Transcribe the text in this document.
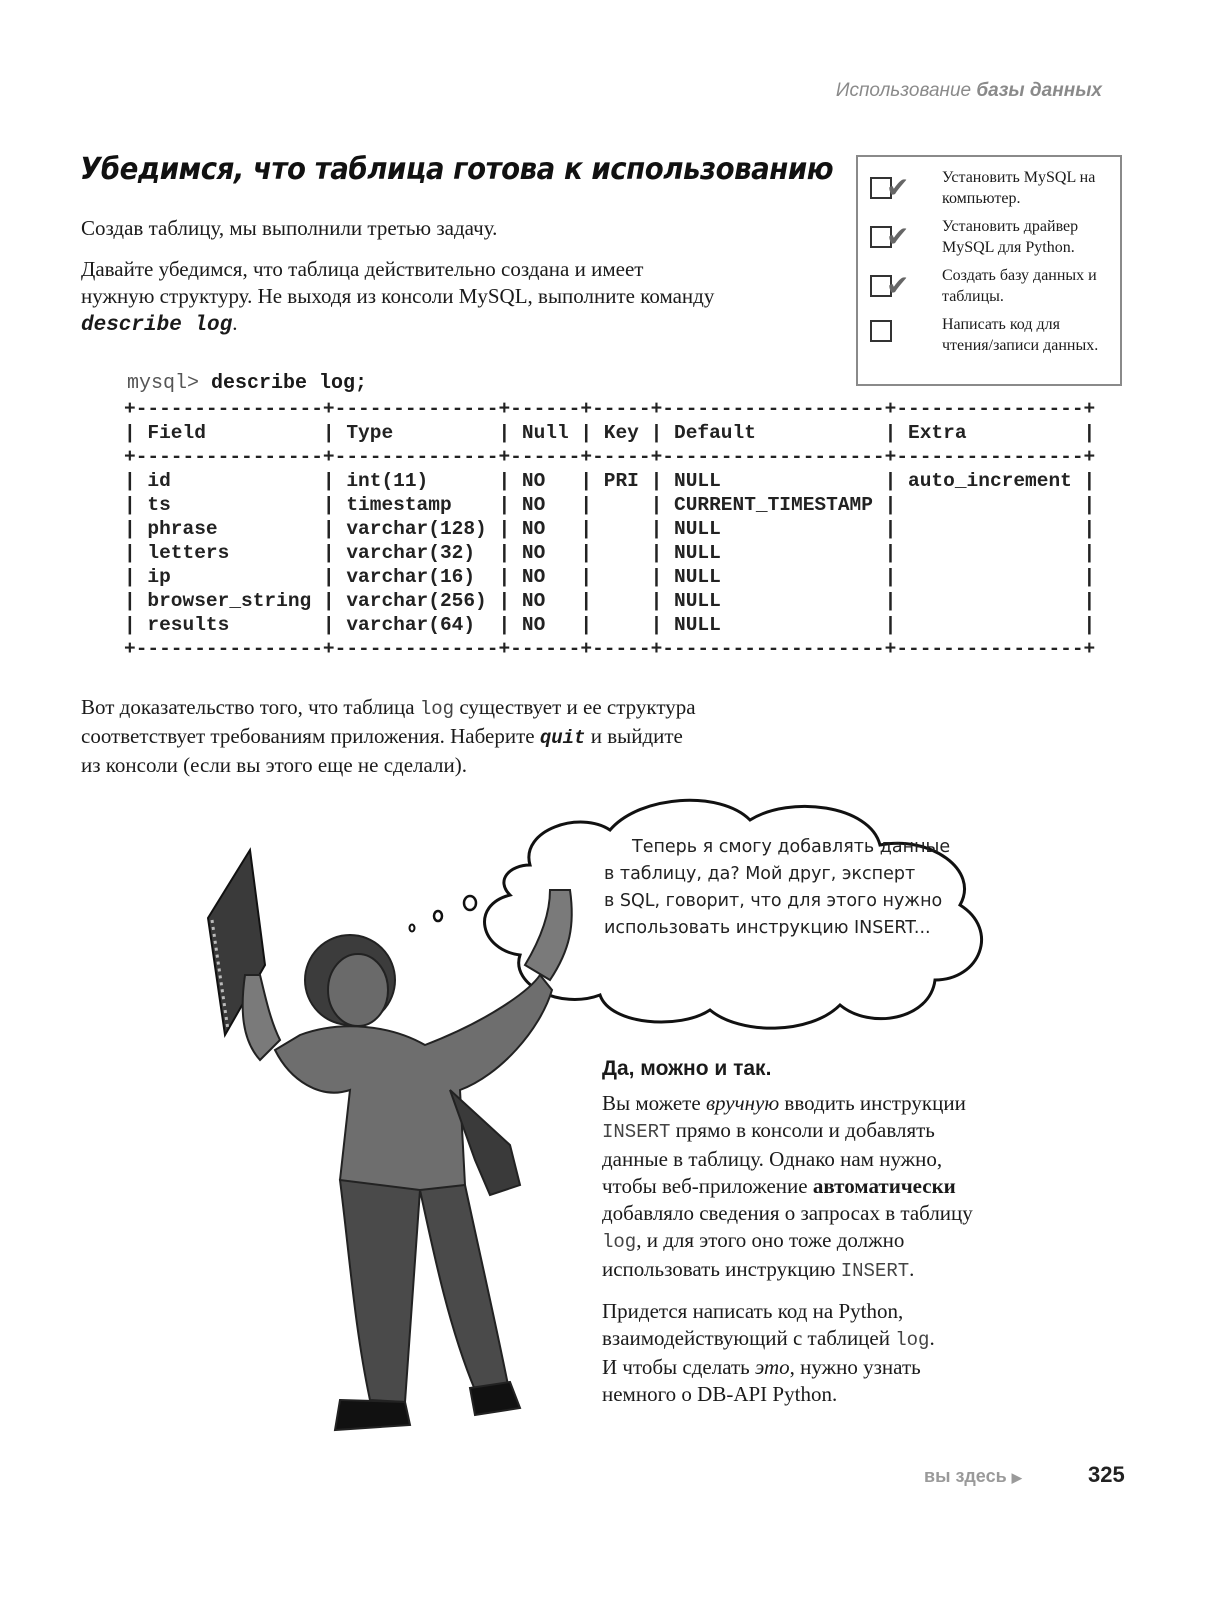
Использование базы данных
Убедимся, что таблица готова к использованию
Создав таблицу, мы выполнили третью задачу.
Давайте убедимся, что таблица действительно создана и имеет
нужную структуру. Не выходя из консоли MySQL, выполните команду
describe log.
✔ Установить MySQL на компьютер.
✔ Установить драйвер MySQL для Python.
✔ Создать базу данных и таблицы.
Написать код для чтения/записи данных.
mysql> describe log;
+----------------+--------------+------+-----+-------------------+----------------+
| Field          | Type         | Null | Key | Default           | Extra          |
+----------------+--------------+------+-----+-------------------+----------------+
| id             | int(11)      | NO   | PRI | NULL              | auto_increment |
| ts             | timestamp    | NO   |     | CURRENT_TIMESTAMP |                |
| phrase         | varchar(128) | NO   |     | NULL              |                |
| letters        | varchar(32)  | NO   |     | NULL              |                |
| ip             | varchar(16)  | NO   |     | NULL              |                |
| browser_string | varchar(256) | NO   |     | NULL              |                |
| results        | varchar(64)  | NO   |     | NULL              |                |
+----------------+--------------+------+-----+-------------------+----------------+
Вот доказательство того, что таблица log существует и ее структура
соответствует требованиям приложения. Наберите quit и выйдите
из консоли (если вы этого еще не сделали).
Теперь я смогу добавлять данные
в таблицу, да? Мой друг, эксперт
в SQL, говорит, что для этого нужно
использовать инструкцию INSERT...
Да, можно и так.
Вы можете вручную вводить инструкции
INSERT прямо в консоли и добавлять
данные в таблицу. Однако нам нужно,
чтобы веб-приложение автоматически
добавляло сведения о запросах в таблицу
log, и для этого оно тоже должно
использовать инструкцию INSERT.
Придется написать код на Python,
взаимодействующий с таблицей log.
И чтобы сделать это, нужно узнать
немного о DB-API Python.
вы здесь ▶	325
